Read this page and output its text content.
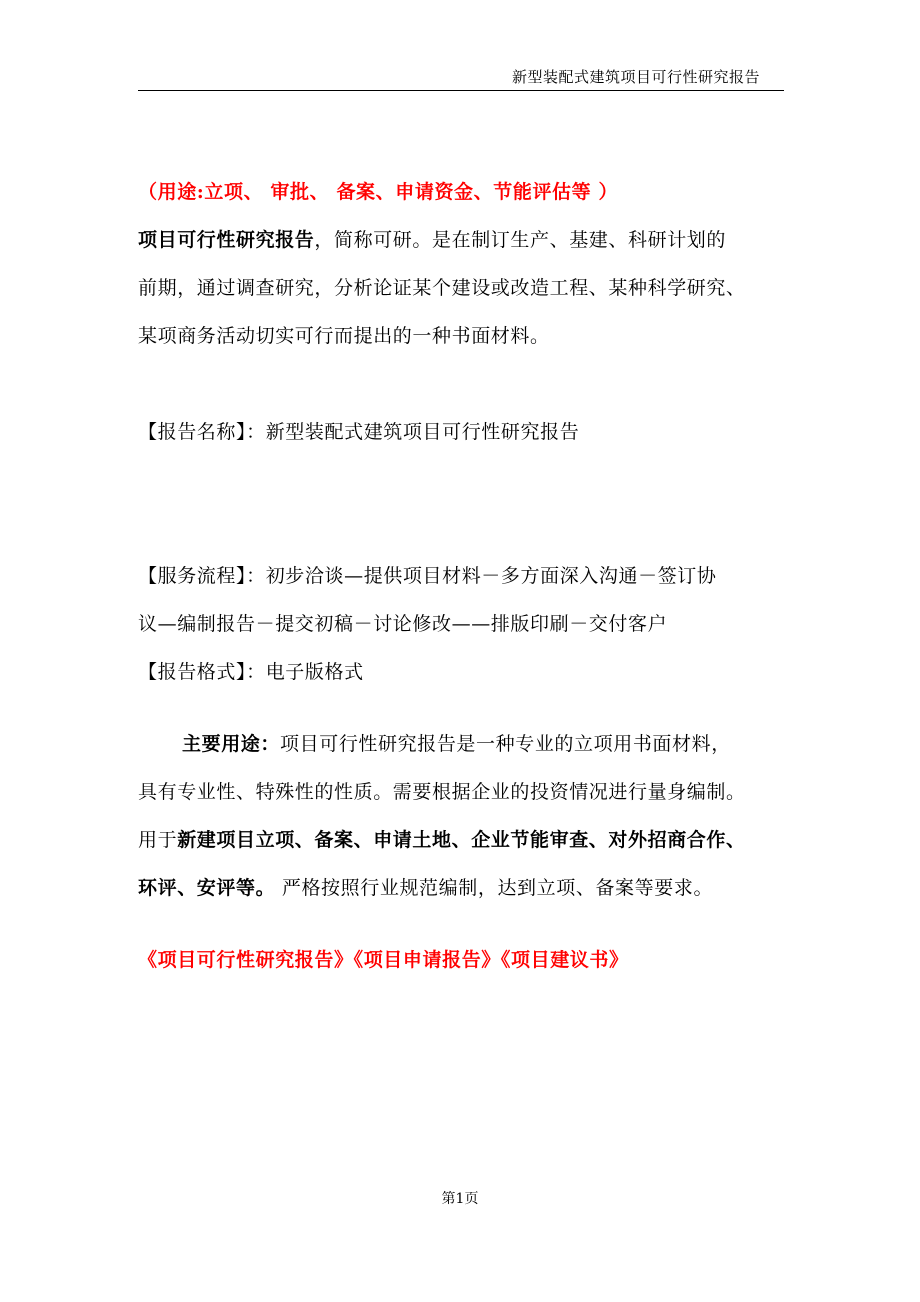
新型装配式建筑项目可行性研究报告
（用途:立项、 审批、 备案、申请资金、节能评估等 ）
项目可行性研究报告，简称可研。是在制订生产、基建、科研计划的
前期，通过调查研究，分析论证某个建设或改造工程、某种科学研究、
某项商务活动切实可行而提出的一种书面材料。
【报告名称】：新型装配式建筑项目可行性研究报告

【服务流程】：初步洽谈—提供项目材料－多方面深入沟通－签订协
议—编制报告－提交初稿－讨论修改——排版印刷－交付客户
【报告格式】：电子版格式
主要用途：项目可行性研究报告是一种专业的立项用书面材料，
具有专业性、特殊性的性质。需要根据企业的投资情况进行量身编制。
用于新建项目立项、备案、申请土地、企业节能审查、对外招商合作、
环评、安评等。 严格按照行业规范编制，达到立项、备案等要求。
《项目可行性研究报告》《项目申请报告》《项目建议书》
第1页
